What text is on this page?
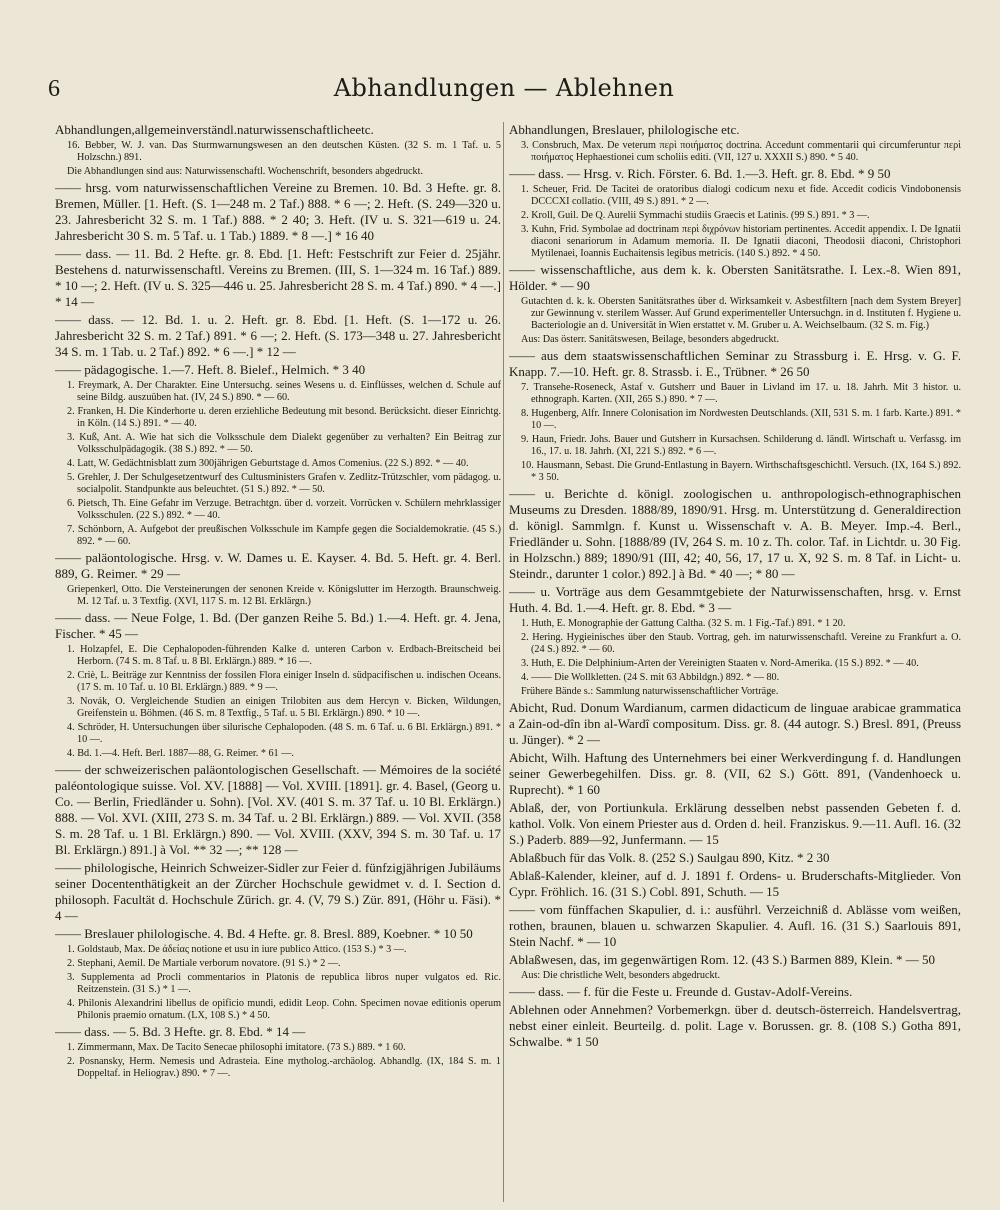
6	Abhandlungen — Ablehnen

Abhandlungen,allgemeinverständl.naturwissenschaftlicheetc.

16. Bebber, W. J. van. Das Sturmwarnungswesen an den deutschen Küsten. (32 S. m. 1 Taf. u. 5 Holzschn.) 891.

Die Abhandlungen sind aus: Naturwissenschaftl. Wochenschrift, besonders abgedruckt.

—— hrsg. vom naturwissenschaftlichen Vereine zu Bremen. 10. Bd. 3 Hefte. gr. 8. Bremen, Müller. [1. Heft. (S. 1—248 m. 2 Taf.) 888. * 6 —; 2. Heft. (S. 249—320 u. 23. Jahresbericht 32 S. m. 1 Taf.) 888. * 2 40; 3. Heft. (IV u. S. 321—619 u. 24. Jahresbericht 30 S. m. 5 Taf. u. 1 Tab.) 1889. * 8 —.] * 16 40

—— dass. — 11. Bd. 2 Hefte. gr. 8. Ebd. [1. Heft: Festschrift zur Feier d. 25jähr. Bestehens d. naturwissenschaftl. Vereins zu Bremen. (III, S. 1—324 m. 16 Taf.) 889. * 10 —; 2. Heft. (IV u. S. 325—446 u. 25. Jahresbericht 28 S. m. 4 Taf.) 890. * 4 —.] * 14 —

—— dass. — 12. Bd. 1. u. 2. Heft. gr. 8. Ebd. [1. Heft. (S. 1—172 u. 26. Jahresbericht 32 S. m. 2 Taf.) 891. * 6 —; 2. Heft. (S. 173—348 u. 27. Jahresbericht 34 S. m. 1 Tab. u. 2 Taf.) 892. * 6 —.] * 12 —

—— pädagogische. 1.—7. Heft. 8. Bielef., Helmich. * 3 40

1. Freymark, A. Der Charakter. Eine Untersuchg. seines Wesens u. d. Einflüsses, welchen d. Schule auf seine Bildg. auszuüben hat. (IV, 24 S.) 890. * — 60.

2. Franken, H. Die Kinderhorte u. deren erziehliche Bedeutung mit besond. Berücksicht. dieser Einrichtg. in Köln. (14 S.) 891. * — 40.

3. Kuß, Ant. A. Wie hat sich die Volksschule dem Dialekt gegenüber zu verhalten? Ein Beitrag zur Volksschulpädagogik. (38 S.) 892. * — 50.

4. Latt, W. Gedächtnisblatt zum 300jährigen Geburtstage d. Amos Comenius. (22 S.) 892. * — 40.

5. Grehler, J. Der Schulgesetzentwurf des Cultusministers Grafen v. Zedlitz-Trützschler, vom pädagog. u. socialpolit. Standpunkte aus beleuchtet. (51 S.) 892. * — 50.

6. Pietsch, Th. Eine Gefahr im Verzuge. Betrachtgn. über d. vorzeit. Vorrücken v. Schülern mehrklassiger Volksschulen. (22 S.) 892. * — 40.

7. Schönborn, A. Aufgebot der preußischen Volksschule im Kampfe gegen die Socialdemokratie. (45 S.) 892. * — 60.

—— paläontologische. Hrsg. v. W. Dames u. E. Kayser. 4. Bd. 5. Heft. gr. 4. Berl. 889, G. Reimer. * 29 —

Griepenkerl, Otto. Die Versteinerungen der senonen Kreide v. Königslutter im Herzogth. Braunschweig. M. 12 Taf. u. 3 Textfig. (XVI, 117 S. m. 12 Bl. Erklärgn.)

—— dass. — Neue Folge, 1. Bd. (Der ganzen Reihe 5. Bd.) 1.—4. Heft. gr. 4. Jena, Fischer. * 45 —

1. Holzapfel, E. Die Cephalopoden-führenden Kalke d. unteren Carbon v. Erdbach-Breitscheid bei Herborn. (74 S. m. 8 Taf. u. 8 Bl. Erklärgn.) 889. * 16 —.

2. Criè, L. Beiträge zur Kenntniss der fossilen Flora einiger Inseln d. südpacifischen u. indischen Oceans. (17 S. m. 10 Taf. u. 10 Bl. Erklärgn.) 889. * 9 —.

3. Novák, O. Vergleichende Studien an einigen Trilobiten aus dem Hercyn v. Bicken, Wildungen, Greifenstein u. Böhmen. (46 S. m. 8 Textfig., 5 Taf. u. 5 Bl. Erklärgn.) 890. * 10 —.

4. Schröder, H. Untersuchungen über silurische Cephalopoden. (48 S. m. 6 Taf. u. 6 Bl. Erklärgn.) 891. * 10 —.

4. Bd. 1.—4. Heft. Berl. 1887—88, G. Reimer. * 61 —.

—— der schweizerischen paläontologischen Gesellschaft. — Mémoires de la société paléontologique suisse. Vol. XV. [1888] — Vol. XVIII. [1891]. gr. 4. Basel, (Georg u. Co. — Berlin, Friedländer u. Sohn). [Vol. XV. (401 S. m. 37 Taf. u. 10 Bl. Erklärgn.) 888. — Vol. XVI. (XIII, 273 S. m. 34 Taf. u. 2 Bl. Erklärgn.) 889. — Vol. XVII. (358 S. m. 28 Taf. u. 1 Bl. Erklärgn.) 890. — Vol. XVIII. (XXV, 394 S. m. 30 Taf. u. 17 Bl. Erklärgn.) 891.] à Vol. ** 32 —; ** 128 —

—— philologische, Heinrich Schweizer-Sidler zur Feier d. fünfzigjährigen Jubiläums seiner Docententhätigkeit an der Zürcher Hochschule gewidmet v. d. I. Section d. philosoph. Facultät d. Hochschule Zürich. gr. 4. (V, 79 S.) Zür. 891, (Höhr u. Fäsi). * 4 —

—— Breslauer philologische. 4. Bd. 4 Hefte. gr. 8. Bresl. 889, Koebner. * 10 50

1. Goldstaub, Max. De ἀδείας notione et usu in iure publico Attico. (153 S.) * 3 —.

2. Stephani, Aemil. De Martiale verborum novatore. (91 S.) * 2 —.

3. Supplementa ad Procli commentarios in Platonis de republica libros nuper vulgatos ed. Ric. Reitzenstein. (31 S.) * 1 —.

4. Philonis Alexandrini libellus de opificio mundi, edidit Leop. Cohn. Specimen novae editionis operum Philonis praemio ornatum. (LX, 108 S.) * 4 50.

—— dass. — 5. Bd. 3 Hefte. gr. 8. Ebd. * 14 —

1. Zimmermann, Max. De Tacito Senecae philosophi imitatore. (73 S.) 889. * 1 60.

2. Posnansky, Herm. Nemesis und Adrasteia. Eine mytholog.-archäolog. Abhandlg. (IX, 184 S. m. 1 Doppeltaf. in Heliograv.) 890. * 7 —.

Abhandlungen, Breslauer, philologische etc.

3. Consbruch, Max. De veterum περὶ ποιήματος doctrina. Accedunt commentarii qui circumferuntur περὶ ποιήματος Hephaestionei cum scholiis editi. (VII, 127 u. XXXII S.) 890. * 5 40.

—— dass. — Hrsg. v. Rich. Förster. 6. Bd. 1.—3. Heft. gr. 8. Ebd. * 9 50

1. Scheuer, Frid. De Tacitei de oratoribus dialogi codicum nexu et fide. Accedit codicis Vindobonensis DCCCXI collatio. (VIII, 49 S.) 891. * 2 —.

2. Kroll, Guil. De Q. Aurelii Symmachi studiis Graecis et Latinis. (99 S.) 891. * 3 —.

3. Kuhn, Frid. Symbolae ad doctrinam περὶ διχρόνων historiam pertinentes. Accedit appendix. I. De Ignatii diaconi senariorum in Adamum memoria. II. De Ignatii diaconi, Theodosii diaconi, Christophori Mytilenaei, Ioannis Euchaitensis legibus metricis. (140 S.) 892. * 4 50.

—— wissenschaftliche, aus dem k. k. Obersten Sanitätsrathe. I. Lex.-8. Wien 891, Hölder. * — 90

Gutachten d. k. k. Obersten Sanitätsrathes über d. Wirksamkeit v. Asbestfiltern [nach dem System Breyer] zur Gewinnung v. sterilem Wasser. Auf Grund experimenteller Untersuchgn. in d. Instituten f. Hygiene u. Bacteriologie an d. Universität in Wien erstattet v. M. Gruber u. A. Weichselbaum. (32 S. m. Fig.)

Aus: Das österr. Sanitätswesen, Beilage, besonders abgedruckt.

—— aus dem staatswissenschaftlichen Seminar zu Strassburg i. E. Hrsg. v. G. F. Knapp. 7.—10. Heft. gr. 8. Strassb. i. E., Trübner. * 26 50

7. Transehe-Roseneck, Astaf v. Gutsherr und Bauer in Livland im 17. u. 18. Jahrh. Mit 3 histor. u. ethnograph. Karten. (XII, 265 S.) 890. * 7 —.

8. Hugenberg, Alfr. Innere Colonisation im Nordwesten Deutschlands. (XII, 531 S. m. 1 farb. Karte.) 891. * 10 —.

9. Haun, Friedr. Johs. Bauer und Gutsherr in Kursachsen. Schilderung d. ländl. Wirtschaft u. Verfassg. im 16., 17. u. 18. Jahrh. (XI, 221 S.) 892. * 6 —.

10. Hausmann, Sebast. Die Grund-Entlastung in Bayern. Wirthschaftsgeschichtl. Versuch. (IX, 164 S.) 892. * 3 50.

—— u. Berichte d. königl. zoologischen u. anthropologisch-ethnographischen Museums zu Dresden. 1888/89, 1890/91. Hrsg. m. Unterstützung d. Generaldirection d. königl. Sammlgn. f. Kunst u. Wissenschaft v. A. B. Meyer. Imp.-4. Berl., Friedländer u. Sohn. [1888/89 (IV, 264 S. m. 10 z. Th. color. Taf. in Lichtdr. u. 30 Fig. in Holzschn.) 889; 1890/91 (III, 42; 40, 56, 17, 17 u. X, 92 S. m. 8 Taf. in Licht- u. Steindr., darunter 1 color.) 892.] à Bd. * 40 —; * 80 —

—— u. Vorträge aus dem Gesammtgebiete der Naturwissenschaften, hrsg. v. Ernst Huth. 4. Bd. 1.—4. Heft. gr. 8. Ebd. * 3 —

1. Huth, E. Monographie der Gattung Caltha. (32 S. m. 1 Fig.-Taf.) 891. * 1 20.

2. Hering. Hygieinisches über den Staub. Vortrag, geh. im naturwissenschaftl. Vereine zu Frankfurt a. O. (24 S.) 892. * — 60.

3. Huth, E. Die Delphinium-Arten der Vereinigten Staaten v. Nord-Amerika. (15 S.) 892. * — 40.

4. —— Die Wollkletten. (24 S. mit 63 Abbildgn.) 892. * — 80.

Frühere Bände s.: Sammlung naturwissenschaftlicher Vorträge.

Abicht, Rud. Donum Wardianum, carmen didacticum de linguae arabicae grammatica a Zain-od-dîn ibn al-Wardî compositum. Diss. gr. 8. (44 autogr. S.) Bresl. 891, (Preuss u. Jünger). * 2 —

Abicht, Wilh. Haftung des Unternehmers bei einer Werkverdingung f. d. Handlungen seiner Gewerbegehilfen. Diss. gr. 8. (VII, 62 S.) Gött. 891, (Vandenhoeck u. Ruprecht). * 1 60

Ablaß, der, von Portiunkula. Erklärung desselben nebst passenden Gebeten f. d. kathol. Volk. Von einem Priester aus d. Orden d. heil. Franziskus. 9.—11. Aufl. 16. (32 S.) Paderb. 889—92, Junfermann. — 15

Ablaßbuch für das Volk. 8. (252 S.) Saulgau 890, Kitz. * 2 30

Ablaß-Kalender, kleiner, auf d. J. 1891 f. Ordens- u. Bruderschafts-Mitglieder. Von Cypr. Fröhlich. 16. (31 S.) Cobl. 891, Schuth. — 15

—— vom fünffachen Skapulier, d. i.: ausführl. Verzeichniß d. Ablässe vom weißen, rothen, braunen, blauen u. schwarzen Skapulier. 4. Aufl. 16. (31 S.) Saarlouis 891, Stein Nachf. * — 10

Ablaßwesen, das, im gegenwärtigen Rom. 12. (43 S.) Barmen 889, Klein. * — 50

Aus: Die christliche Welt, besonders abgedruckt.

—— dass. — f. für die Feste u. Freunde d. Gustav-Adolf-Vereins.

Ablehnen oder Annehmen? Vorbemerkgn. über d. deutsch-österreich. Handelsvertrag, nebst einer einleit. Beurteilg. d. polit. Lage v. Borussen. gr. 8. (108 S.) Gotha 891, Schwalbe. * 1 50
